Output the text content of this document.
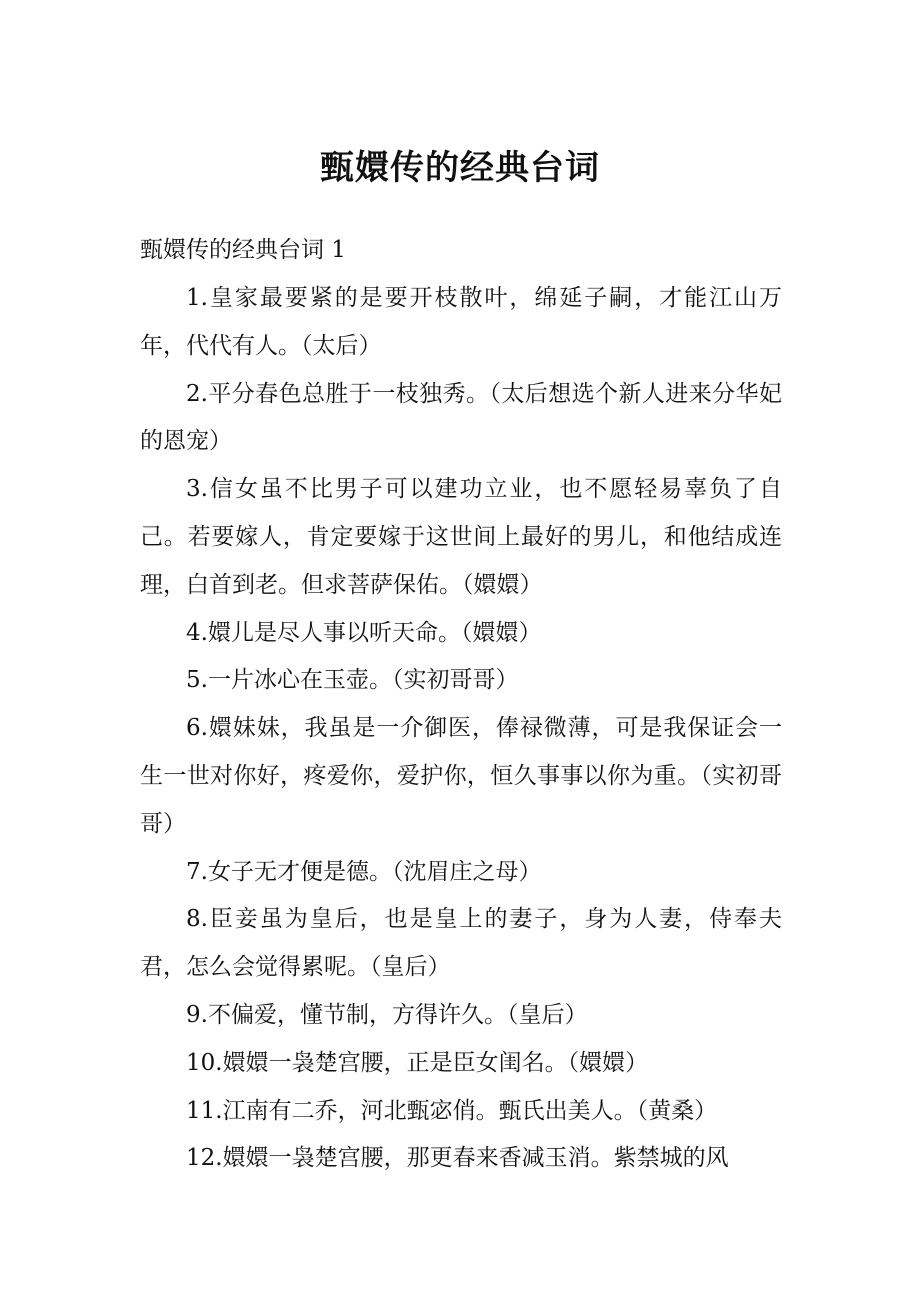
甄嬛传的经典台词
甄嬛传的经典台词 1

1.皇家最要紧的是要开枝散叶，绵延子嗣，才能江山万年，代代有人。（太后）

2.平分春色总胜于一枝独秀。（太后想选个新人进来分华妃的恩宠）

3.信女虽不比男子可以建功立业，也不愿轻易辜负了自己。若要嫁人，肯定要嫁于这世间上最好的男儿，和他结成连理，白首到老。但求菩萨保佑。（嬛嬛）

4.嬛儿是尽人事以听天命。（嬛嬛）

5.一片冰心在玉壶。（实初哥哥）

6.嬛妹妹，我虽是一介御医，俸禄微薄，可是我保证会一生一世对你好，疼爱你，爱护你，恒久事事以你为重。（实初哥哥）

7.女子无才便是德。（沈眉庄之母）

8.臣妾虽为皇后，也是皇上的妻子，身为人妻，侍奉夫君，怎么会觉得累呢。（皇后）

9.不偏爱，懂节制，方得许久。（皇后）

10.嬛嬛一袅楚宫腰，正是臣女闺名。（嬛嬛）

11.江南有二乔，河北甄宓俏。甄氏出美人。（黄桑）

12.嬛嬛一袅楚宫腰，那更春来香减玉消。紫禁城的风
